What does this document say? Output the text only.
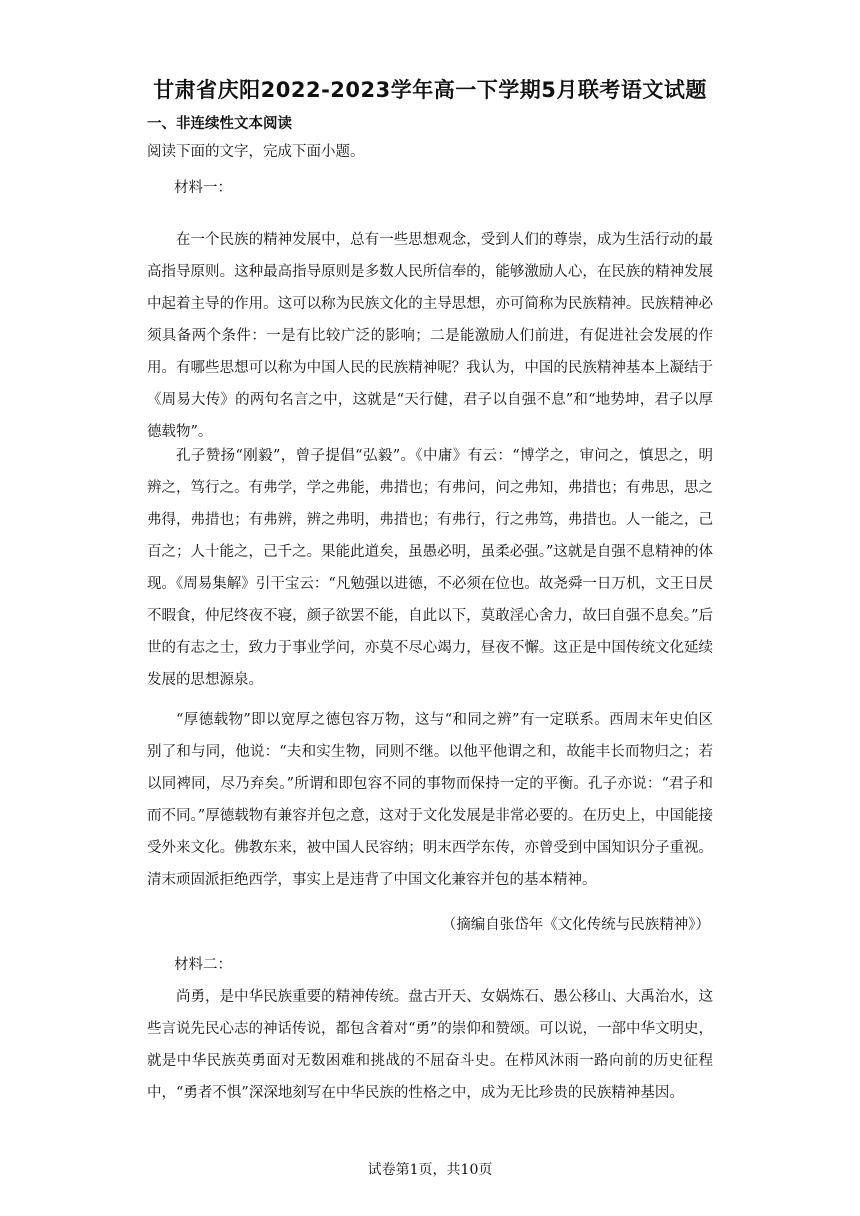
甘肃省庆阳2022-2023学年高一下学期5月联考语文试题
一、非连续性文本阅读
阅读下面的文字，完成下面小题。
材料一：

在一个民族的精神发展中，总有一些思想观念，受到人们的尊崇，成为生活行动的最高指导原则。这种最高指导原则是多数人民所信奉的，能够激励人心，在民族的精神发展中起着主导的作用。这可以称为民族文化的主导思想，亦可简称为民族精神。民族精神必须具备两个条件：一是有比较广泛的影响；二是能激励人们前进，有促进社会发展的作用。有哪些思想可以称为中国人民的民族精神呢？我认为，中国的民族精神基本上凝结于《周易大传》的两句名言之中，这就是“天行健，君子以自强不息”和“地势坤，君子以厚德载物”。

孔子赞扬“刚毅”，曾子提倡“弘毅”。《中庸》有云：“博学之，审问之，慎思之，明辨之，笃行之。有弗学，学之弗能，弗措也；有弗问，问之弗知，弗措也；有弗思，思之弗得，弗措也；有弗辨，辨之弗明，弗措也；有弗行，行之弗笃，弗措也。人一能之，己百之；人十能之，己千之。果能此道矣，虽愚必明，虽柔必强。”这就是自强不息精神的体现。《周易集解》引干宝云：“凡勉强以进德，不必须在位也。故尧舜一日万机，文王日昃不暇食，仲尼终夜不寝，颜子欲罢不能，自此以下，莫敢淫心舍力，故曰自强不息矣。”后世的有志之士，致力于事业学问，亦莫不尽心竭力，昼夜不懈。这正是中国传统文化延续发展的思想源泉。

“厚德载物”即以宽厚之德包容万物，这与“和同之辨”有一定联系。西周末年史伯区别了和与同，他说：“夫和实生物，同则不继。以他平他谓之和，故能丰长而物归之；若以同裨同，尽乃弃矣。”所谓和即包容不同的事物而保持一定的平衡。孔子亦说：“君子和而不同。”厚德载物有兼容并包之意，这对于文化发展是非常必要的。在历史上，中国能接受外来文化。佛教东来，被中国人民容纳；明末西学东传，亦曾受到中国知识分子重视。清末顽固派拒绝西学，事实上是违背了中国文化兼容并包的基本精神。

（摘编自张岱年《文化传统与民族精神》）
材料二：

尚勇，是中华民族重要的精神传统。盘古开天、女娲炼石、愚公移山、大禹治水，这些言说先民心志的神话传说，都包含着对“勇”的崇仰和赞颂。可以说，一部中华文明史，就是中华民族英勇面对无数困难和挑战的不屈奋斗史。在栉风沐雨一路向前的历史征程中，“勇者不惧”深深地刻写在中华民族的性格之中，成为无比珍贵的民族精神基因。

试卷第1页，共10页
